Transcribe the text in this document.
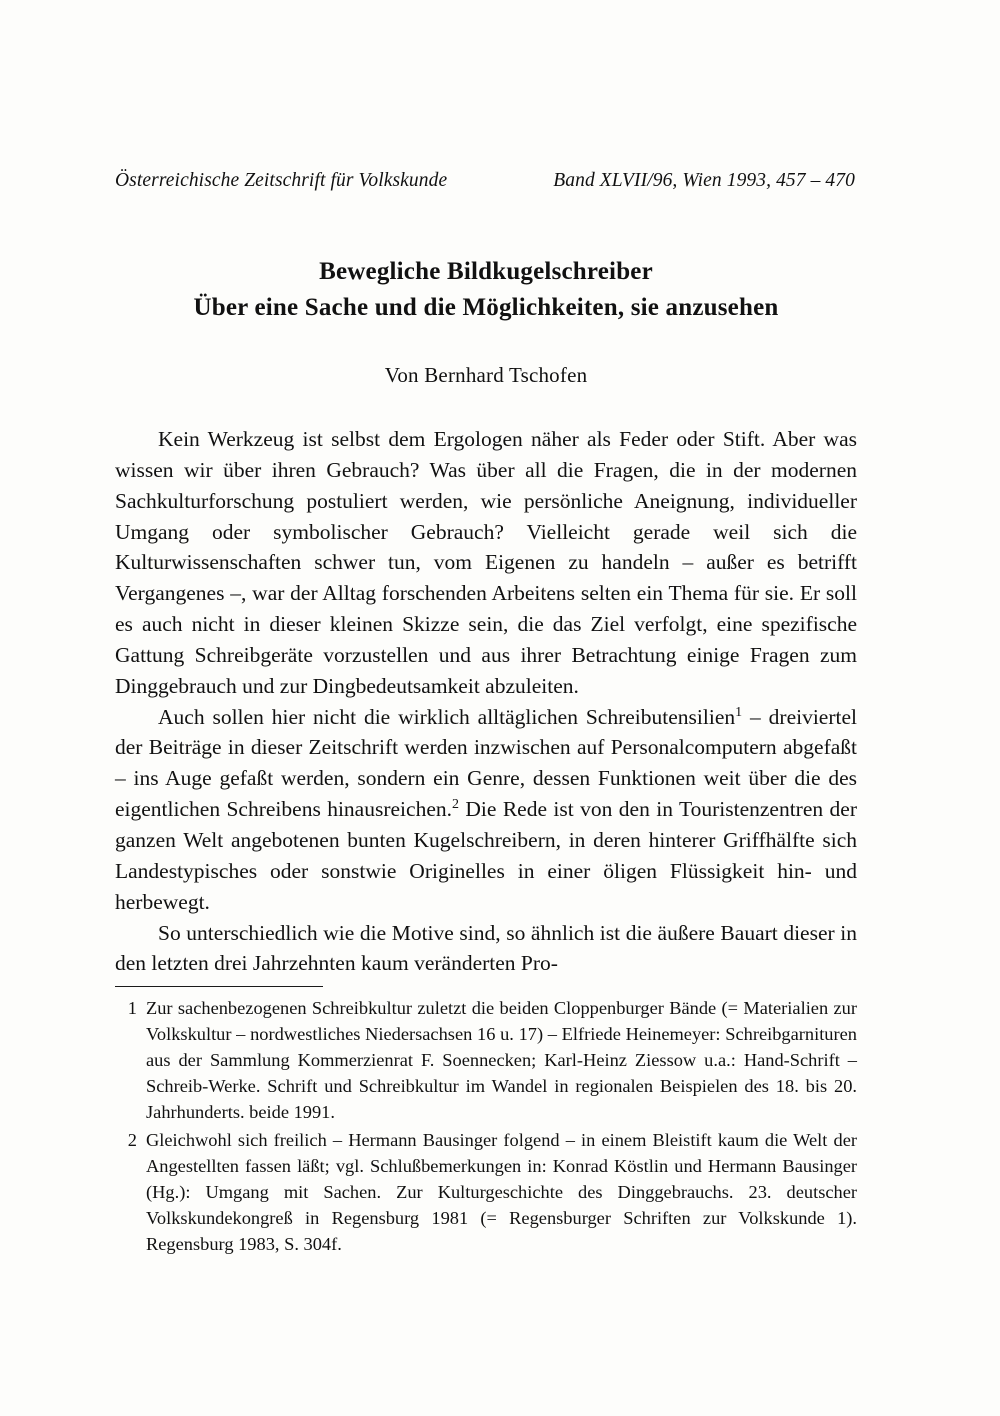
Österreichische Zeitschrift für Volkskunde	Band XLVII/96, Wien 1993, 457 – 470
Bewegliche Bildkugelschreiber
Über eine Sache und die Möglichkeiten, sie anzusehen
Von Bernhard Tschofen

Kein Werkzeug ist selbst dem Ergologen näher als Feder oder Stift. Aber was wissen wir über ihren Gebrauch? Was über all die Fragen, die in der modernen Sachkulturforschung postuliert werden, wie persönliche Aneignung, individueller Umgang oder symbolischer Gebrauch? Vielleicht gerade weil sich die Kulturwissenschaften schwer tun, vom Eigenen zu handeln – außer es betrifft Vergangenes –, war der Alltag forschenden Arbeitens selten ein Thema für sie. Er soll es auch nicht in dieser kleinen Skizze sein, die das Ziel verfolgt, eine spezifische Gattung Schreibgeräte vorzustellen und aus ihrer Betrachtung einige Fragen zum Dinggebrauch und zur Dingbedeutsamkeit abzuleiten.

Auch sollen hier nicht die wirklich alltäglichen Schreibutensilien$^1$ – dreiviertel der Beiträge in dieser Zeitschrift werden inzwischen auf Personalcomputern abgefaßt – ins Auge gefaßt werden, sondern ein Genre, dessen Funktionen weit über die des eigentlichen Schreibens hinausreichen.$^2$ Die Rede ist von den in Touristenzentren der ganzen Welt angebotenen bunten Kugelschreibern, in deren hinterer Griffhälfte sich Landestypisches oder sonstwie Originelles in einer öligen Flüssigkeit hin- und herbewegt.

So unterschiedlich wie die Motive sind, so ähnlich ist die äußere Bauart dieser in den letzten drei Jahrzehnten kaum veränderten Pro-

1 Zur sachenbezogenen Schreibkultur zuletzt die beiden Cloppenburger Bände (= Materialien zur Volkskultur – nordwestliches Niedersachsen 16 u. 17) – Elfriede Heinemeyer: Schreibgarnituren aus der Sammlung Kommerzienrat F. Soennecken; Karl-Heinz Ziessow u.a.: Hand-Schrift – Schreib-Werke. Schrift und Schreibkultur im Wandel in regionalen Beispielen des 18. bis 20. Jahrhunderts. beide 1991.
2 Gleichwohl sich freilich – Hermann Bausinger folgend – in einem Bleistift kaum die Welt der Angestellten fassen läßt; vgl. Schlußbemerkungen in: Konrad Köstlin und Hermann Bausinger (Hg.): Umgang mit Sachen. Zur Kulturgeschichte des Dinggebrauchs. 23. deutscher Volkskundekongreß in Regensburg 1981 (= Regensburger Schriften zur Volkskunde 1). Regensburg 1983, S. 304f.
